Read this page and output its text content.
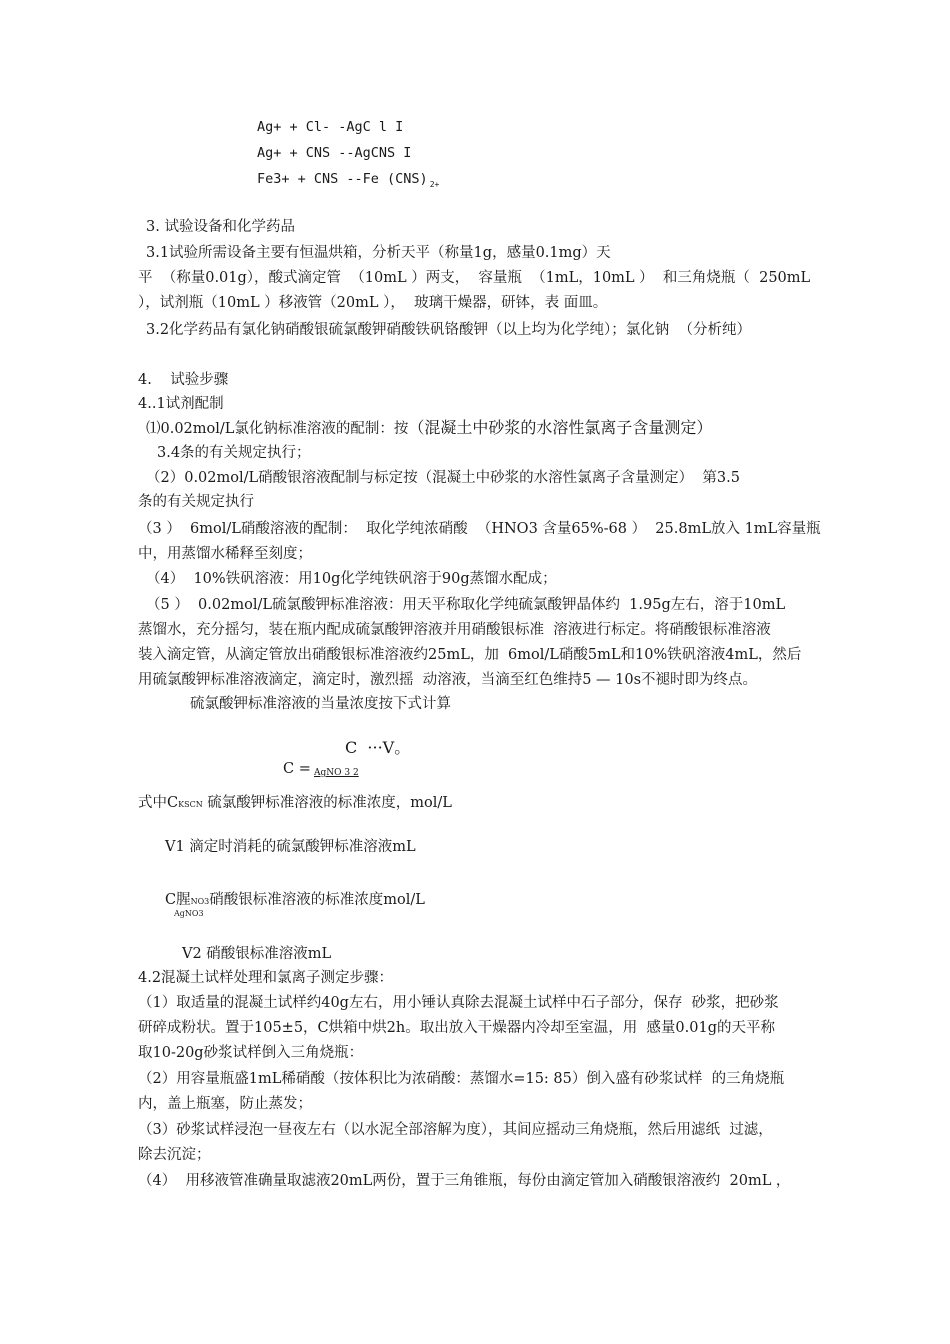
Ag+ + Cl- -AgC l I
Ag+ + CNS --AgCNS I
Fe3+ + CNS --Fe (CNS) $_{2+}$
3. 试验设备和化学药品
3.1试验所需设备主要有恒温烘箱，分析天平（称量1g，感量0.1mg）天
平  （称量0.01g），酸式滴定管  （10mL ）两支，  容量瓶  （1mL，10mL ）  和三角烧瓶（  250mL
），试剂瓶（10mL ）移液管（20mL ），  玻璃干燥器，研钵，表 面皿。
3.2化学药品有氯化钠硝酸银硫氯酸钾硝酸铁矾铬酸钾（以上均为化学纯）；氯化钠  （分析纯）
4.    试验步骤
4..1试剂配制
⑴0.02mol/L氯化钠标准溶液的配制：按（混凝土中砂浆的水溶性氯离子含量测定）
3.4条的有关规定执行；
（2）0.02mol/L硝酸银溶液配制与标定按（混凝土中砂浆的水溶性氯离子含量测定）  第3.5
条的有关规定执行
（3 ）  6mol/L硝酸溶液的配制：  取化学纯浓硝酸  （HNO3 含量65%-68 ）  25.8mL放入 1mL容量瓶
中，用蒸馏水稀释至刻度；
（4）  10%铁矾溶液：用10g化学纯铁矾溶于90g蒸馏水配成；
（5 ）  0.02mol/L硫氯酸钾标准溶液：用天平称取化学纯硫氯酸钾晶体约  1.95g左右，溶于10mL
蒸馏水，充分摇匀，装在瓶内配成硫氯酸钾溶液并用硝酸银标准  溶液进行标定。将硝酸银标准溶液
装入滴定管，从滴定管放出硝酸银标准溶液约25mL，加  6mol/L硝酸5mL和10%铁矾溶液4mL，然后
用硫氯酸钾标准溶液滴定，滴定时，激烈摇  动溶液，当滴至红色维持5 — 10s不褪时即为终点。
硫氯酸钾标准溶液的当量浓度按下式计算
C  ···V。
C = AgNO 3 2
式中CKSCN 硫氯酸钾标准溶液的标准浓度，mol/L
V1 滴定时消耗的硫氯酸钾标准溶液mL
C腥NO3硝酸银标准溶液的标准浓度mol/L
AgNO3
V2 硝酸银标准溶液mL
4.2混凝土试样处理和氯离子测定步骤：
（1）取适量的混凝土试样约40g左右，用小锤认真除去混凝土试样中石子部分，保存  砂浆，把砂浆
研碎成粉状。置于105±5，C烘箱中烘2h。取出放入干燥器内冷却至室温，用  感量0.01g的天平称
取10-20g砂浆试样倒入三角烧瓶：
（2）用容量瓶盛1mL稀硝酸（按体积比为浓硝酸：蒸馏水=15: 85）倒入盛有砂浆试样  的三角烧瓶
内，盖上瓶塞，防止蒸发；
（3）砂浆试样浸泡一昼夜左右（以水泥全部溶解为度），其间应摇动三角烧瓶，然后用滤纸  过滤，
除去沉淀；
（4）  用移液管准确量取滤液20mL两份，置于三角锥瓶，每份由滴定管加入硝酸银溶液约  20mL ，
